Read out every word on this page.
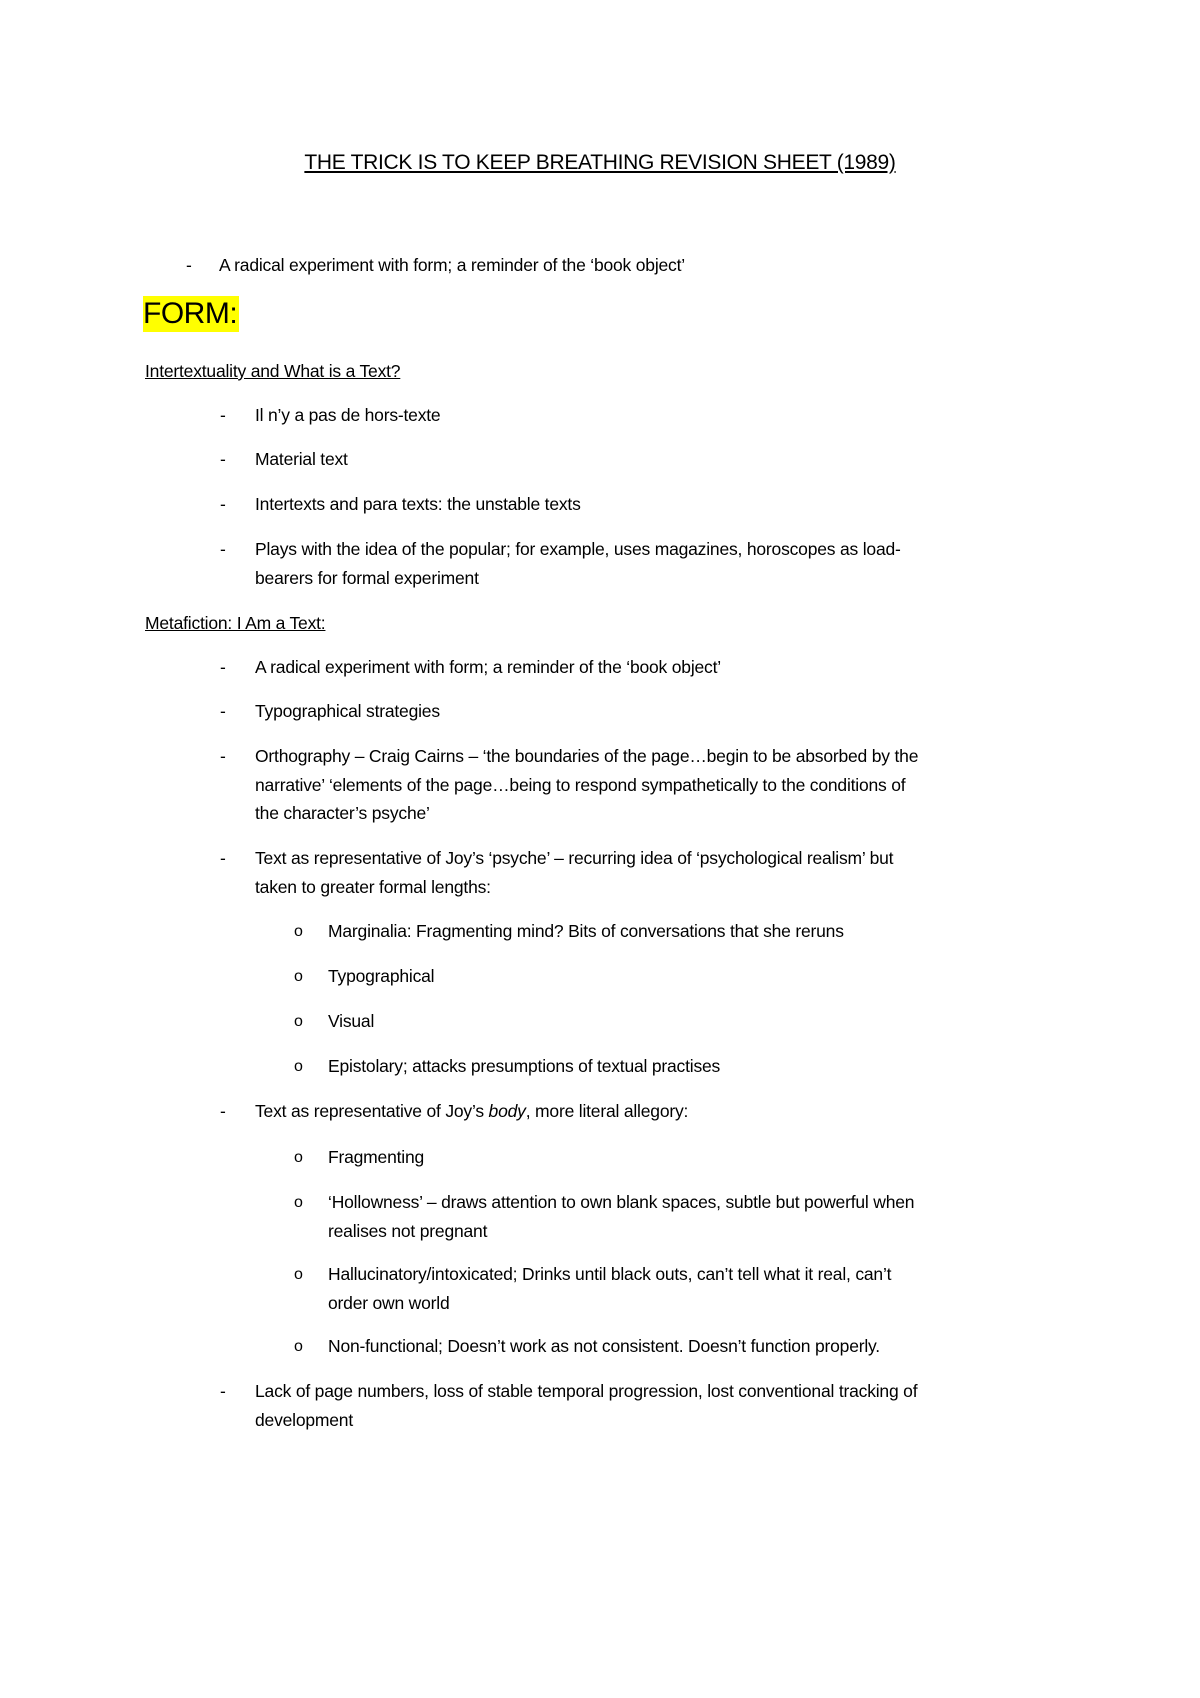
THE TRICK IS TO KEEP BREATHING REVISION SHEET (1989)
-	A radical experiment with form; a reminder of the ‘book object’
FORM:
Intertextuality and What is a Text?
-	Il n’y a pas de hors-texte
-	Material text
-	Intertexts and para texts: the unstable texts
-	Plays with the idea of the popular; for example, uses magazines, horoscopes as load-
bearers for formal experiment
Metafiction: I Am a Text:
-	A radical experiment with form; a reminder of the ‘book object’
-	Typographical strategies
-	Orthography – Craig Cairns – ‘the boundaries of the page…begin to be absorbed by the
narrative’ ‘elements of the page…being to respond sympathetically to the conditions of
the character’s psyche’
-	Text as representative of Joy’s ‘psyche’ – recurring idea of ‘psychological realism’ but
taken to greater formal lengths:
o Marginalia: Fragmenting mind? Bits of conversations that she reruns
o Typographical
o Visual
o Epistolary; attacks presumptions of textual practises
-	Text as representative of Joy’s body, more literal allegory:
o Fragmenting
o ‘Hollowness’ – draws attention to own blank spaces, subtle but powerful when
realises not pregnant
o Hallucinatory/intoxicated; Drinks until black outs, can’t tell what it real, can’t
order own world
o Non-functional; Doesn’t work as not consistent. Doesn’t function properly.
-	Lack of page numbers, loss of stable temporal progression, lost conventional tracking of
development
